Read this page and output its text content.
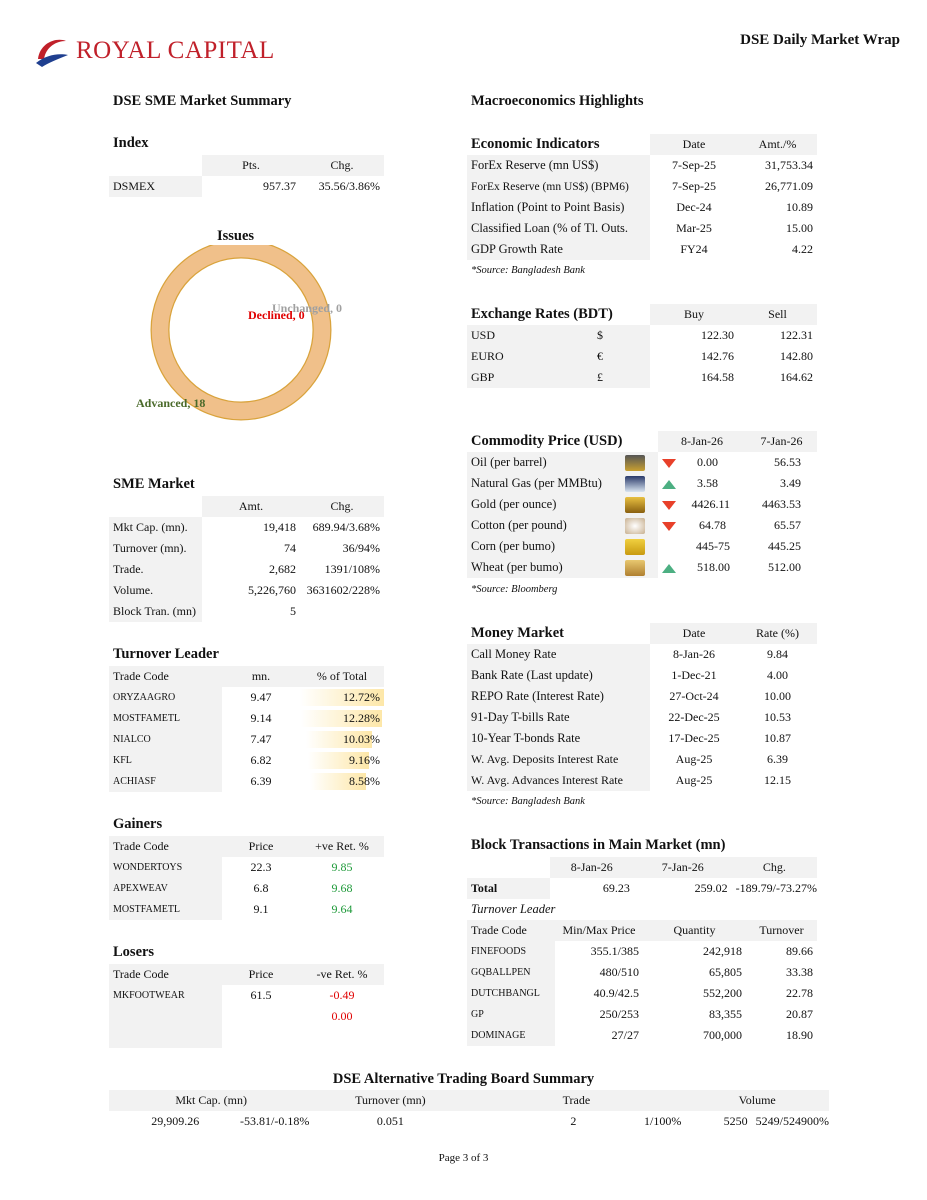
ROYAL CAPITAL	DSE Daily Market Wrap
DSE SME Market Summary
Index
	Pts.	Chg.
DSMEX	957.37	35.56/3.86%
Issues
Unchanged, 0
Declined, 0
Advanced, 18
SME Market
	Amt.	Chg.
Mkt Cap. (mn).	19,418	689.94/3.68%
Turnover (mn).	74	36/94%
Trade.	2,682	1391/108%
Volume.	5,226,760	3631602/228%
Block Tran. (mn)	5	
Turnover Leader
Trade Code	mn.	% of Total
ORYZAAGRO	9.47	12.72%
MOSTFAMETL	9.14	12.28%
NIALCO	7.47	10.03%
KFL	6.82	9.16%
ACHIASF	6.39	8.58%
Gainers
Trade Code	Price	+ve Ret. %
WONDERTOYS	22.3	9.85
APEXWEAV	6.8	9.68
MOSTFAMETL	9.1	9.64
Losers
Trade Code	Price	-ve Ret. %
MKFOOTWEAR	61.5	-0.49
		0.00
Macroeconomics Highlights
Economic Indicators
		Date	Amt./%
ForEx Reserve (mn US$)	7-Sep-25	31,753.34
ForEx Reserve (mn US$) (BPM6)	7-Sep-25	26,771.09
Inflation (Point to Point Basis)	Dec-24	10.89
Classified Loan (% of Tl. Outs.	Mar-25	15.00
GDP Growth Rate	FY24	4.22
*Source: Bangladesh Bank
Exchange Rates (BDT)
		Buy	Sell
USD $	122.30	122.31
EURO €	142.76	142.80
GBP £	164.58	164.62
Commodity Price (USD)
			8-Jan-26	7-Jan-26
Oil (per barrel)		0.00	56.53
Natural Gas (per MMBtu)		3.58	3.49
Gold (per ounce)		4426.11	4463.53
Cotton (per pound)		64.78	65.57
Corn (per bumo)		445-75	445.25
Wheat (per bumo)		518.00	512.00
*Source: Bloomberg
Money Market
		Date	Rate (%)
Call Money Rate	8-Jan-26	9.84
Bank Rate (Last update)	1-Dec-21	4.00
REPO Rate (Interest Rate)	27-Oct-24	10.00
91-Day T-bills Rate	22-Dec-25	10.53
10-Year T-bonds Rate	17-Dec-25	10.87
W. Avg. Deposits Interest Rate	Aug-25	6.39
W. Avg. Advances Interest Rate	Aug-25	12.15
*Source: Bangladesh Bank
Block Transactions in Main Market (mn)
	8-Jan-26	7-Jan-26	Chg.
Total	69.23	259.02	-189.79/-73.27%
Turnover Leader
Trade Code	Min/Max Price	Quantity	Turnover
FINEFOODS	355.1/385	242,918	89.66
GQBALLPEN	480/510	65,805	33.38
DUTCHBANGL	40.9/42.5	552,200	22.78
GP	250/253	83,355	20.87
DOMINAGE	27/27	700,000	18.90
DSE Alternative Trading Board Summary
Mkt Cap. (mn)		Turnover (mn)	Trade		Volume	
29,909.26	-53.81/-0.18%	0.051	2	1/100%	5250	5249/524900%
Page 3 of 3
